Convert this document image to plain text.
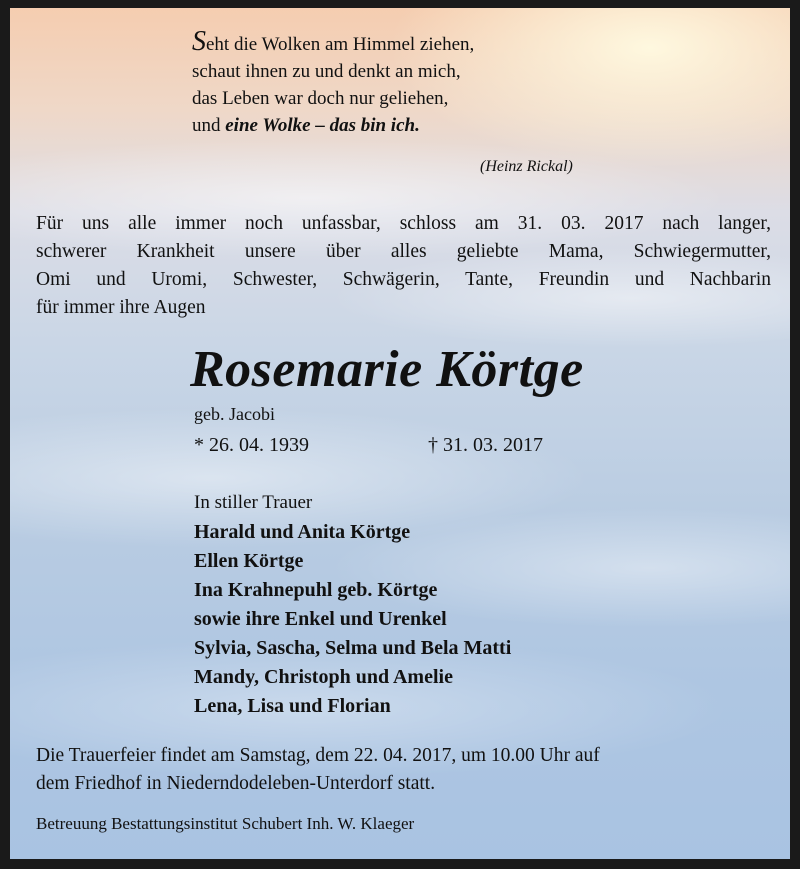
Seht die Wolken am Himmel ziehen,
schaut ihnen zu und denkt an mich,
das Leben war doch nur geliehen,
und eine Wolke – das bin ich.
(Heinz Rickal)
Für uns alle immer noch unfassbar, schloss am 31. 03. 2017 nach langer,
schwerer Krankheit unsere über alles geliebte Mama, Schwiegermutter,
Omi und Uromi, Schwester, Schwägerin, Tante, Freundin und Nachbarin
für immer ihre Augen
Rosemarie Körtge
geb. Jacobi
* 26. 04. 1939	† 31. 03. 2017
In stiller Trauer
Harald und Anita Körtge
Ellen Körtge
Ina Krahnepuhl geb. Körtge
sowie ihre Enkel und Urenkel
Sylvia, Sascha, Selma und Bela Matti
Mandy, Christoph und Amelie
Lena, Lisa und Florian
Die Trauerfeier findet am Samstag, dem 22. 04. 2017, um 10.00 Uhr auf
dem Friedhof in Niederndodeleben-Unterdorf statt.
Betreuung Bestattungsinstitut Schubert Inh. W. Klaeger
